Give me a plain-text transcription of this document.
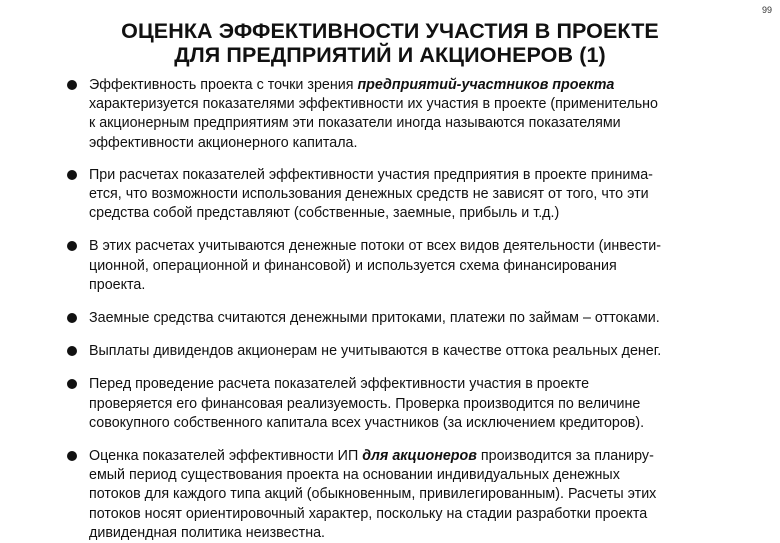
99
ОЦЕНКА ЭФФЕКТИВНОСТИ УЧАСТИЯ В ПРОЕКТЕ
ДЛЯ ПРЕДПРИЯТИЙ И АКЦИОНЕРОВ (1)
Эффективность проекта с точки зрения предприятий-участников проекта
характеризуется показателями эффективности их участия в проекте (применительно
к акционерным предприятиям эти показатели иногда называются показателями
эффективности акционерного капитала.
При расчетах показателей эффективности участия предприятия в проекте принима-
ется, что возможности использования денежных средств не зависят от того, что эти
средства собой представляют (собственные, заемные, прибыль и т.д.)
В этих расчетах учитываются денежные потоки от всех видов деятельности (инвести-
ционной, операционной и финансовой) и используется схема финансирования
проекта.
Заемные средства считаются денежными притоками, платежи по займам – оттоками.
Выплаты дивидендов акционерам не учитываются в качестве оттока реальных денег.
Перед проведение расчета показателей эффективности участия в проекте
проверяется его финансовая реализуемость. Проверка производится по величине
совокупного собственного капитала всех участников (за исключением кредиторов).
Оценка показателей эффективности ИП для акционеров производится за планиру-
емый период существования проекта на основании индивидуальных денежных
потоков для каждого типа акций (обыкновенным, привилегированным). Расчеты этих
потоков носят ориентировочный характер, поскольку на стадии разработки проекта
дивидендная политика неизвестна.
